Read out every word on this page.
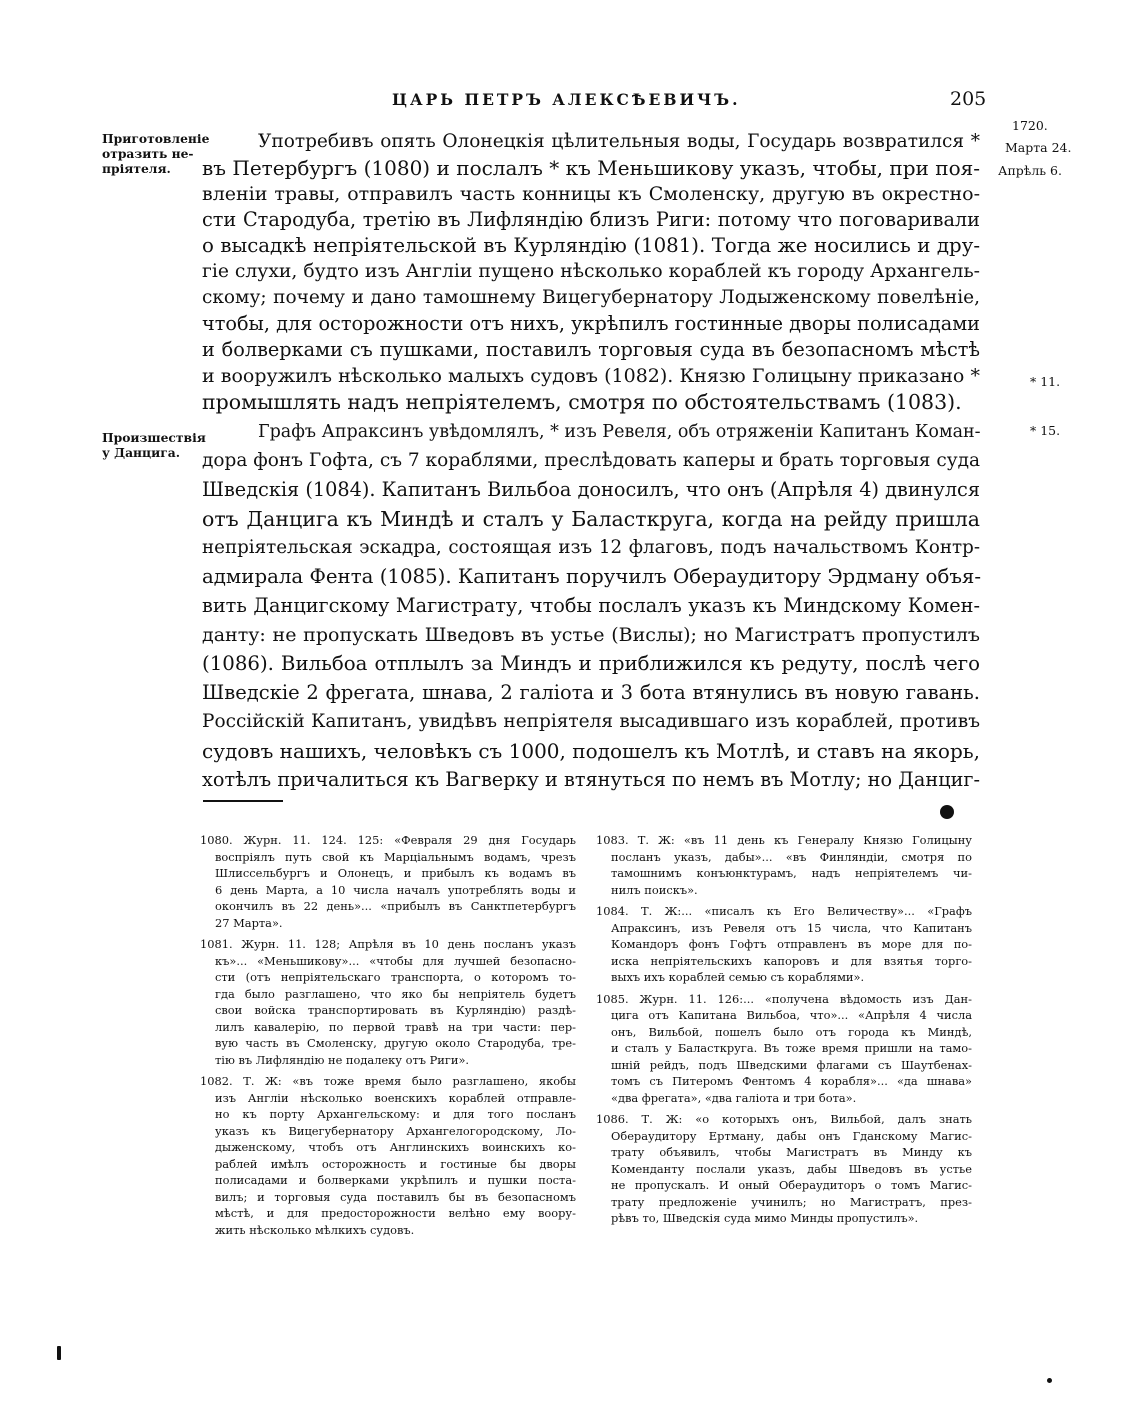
ЦАРЬ ПЕТРЪ АЛЕКСѢЕВИЧЪ.	205
1720.
Марта 24.
Апрѣль 6.
* 11.
* 15.
Приготовленіе
отразить не-
пріятеля.
Произшествія
у Данцига.
Употребивъ опять Олонецкія цѣлительныя воды, Государь возвратился *
въ Петербургъ (1080) и послалъ * къ Меньшикову указъ, чтобы, при поя-
вленіи травы, отправилъ часть конницы къ Смоленску, другую въ окрестно-
сти Стародуба, третію въ Лифляндію близъ Риги: потому что поговаривали
о высадкѣ непріятельской въ Курляндію (1081). Тогда же носились и дру-
гіе слухи, будто изъ Англіи пущено нѣсколько кораблей къ городу Архангель-
скому; почему и дано тамошнему Вицегубернатору Лодыженскому повелѣніе,
чтобы, для осторожности отъ нихъ, укрѣпилъ гостинные дворы полисадами
и болверками съ пушками, поставилъ торговыя суда въ безопасномъ мѣстѣ
и вооружилъ нѣсколько малыхъ судовъ (1082). Князю Голицыну приказано *
промышлять надъ непріятелемъ, смотря по обстоятельствамъ (1083).
Графъ Апраксинъ увѣдомлялъ, * изъ Ревеля, объ отряженіи Капитанъ Коман-
дора фонъ Гофта, съ 7 кораблями, преслѣдовать каперы и брать торговыя суда
Шведскія (1084). Капитанъ Вильбоа доносилъ, что онъ (Апрѣля 4) двинулся
отъ Данцига къ Миндѣ и сталъ у Баласткруга, когда на рейду пришла
непріятельская эскадра, состоящая изъ 12 флаговъ, подъ начальствомъ Контр-
адмирала Фента (1085). Капитанъ поручилъ Обераудитору Эрдману объя-
вить Данцигскому Магистрату, чтобы послалъ указъ къ Миндскому Комен-
данту: не пропускать Шведовъ въ устье (Вислы); но Магистратъ пропустилъ
(1086). Вильбоа отплылъ за Миндъ и приближился къ редуту, послѣ чего
Шведскіе 2 фрегата, шнава, 2 галіота и 3 бота втянулись въ новую гавань.
Россійскій Капитанъ, увидѣвъ непріятеля высадившаго изъ кораблей, противъ
судовъ нашихъ, человѣкъ съ 1000, подошелъ къ Мотлѣ, и ставъ на якорь,
хотѣлъ причалиться къ Вагверку и втянуться по немъ въ Мотлу; но Данциг-
1080. Журн. 11. 124. 125: «Февраля 29 дня Государь
воспріялъ путь свой къ Марціальнымъ водамъ, чрезъ
Шлиссельбургъ и Олонецъ, и прибылъ къ водамъ въ
6 день Марта, а 10 числа началъ употреблять воды и
окончилъ въ 22 день»... «прибылъ въ Санктпетербургъ
27 Марта».
1081. Журн. 11. 128; Апрѣля въ 10 день посланъ указъ
къ»... «Меньшикову»... «чтобы для лучшей безопасно-
сти (отъ непріятельскаго транспорта, о которомъ то-
гда было разглашено, что яко бы непріятель будетъ
свои войска транспортировать въ Курляндію) раздѣ-
лилъ кавалерію, по первой травѣ на три части: пер-
вую часть въ Смоленску, другую около Стародуба, тре-
тію въ Лифляндію не подалеку отъ Риги».
1082. Т. Ж: «въ тоже время было разглашено, якобы
изъ Англіи нѣсколько военскихъ кораблей отправле-
но къ порту Архангельскому: и для того посланъ
указъ къ Вицегубернатору Архангелогородскому, Ло-
дыженскому, чтобъ отъ Англинскихъ воинскихъ ко-
раблей имѣлъ осторожность и гостиные бы дворы
полисадами и болверками укрѣпилъ и пушки поста-
вилъ; и торговыя суда поставилъ бы въ безопасномъ
мѣстѣ, и для предосторожности велѣно ему воору-
жить нѣсколько мѣлкихъ судовъ.
1083. Т. Ж: «въ 11 день къ Генералу Князю Голицыну
посланъ указъ, дабы»... «въ Финляндіи, смотря по
тамошнимъ конъюнктурамъ, надъ непріятелемъ чи-
нилъ поискъ».
1084. Т. Ж:... «писалъ къ Его Величеству»... «Графъ
Апраксинъ, изъ Ревеля отъ 15 числа, что Капитанъ
Командоръ фонъ Гофтъ отправленъ въ море для по-
иска непріятельскихъ капоровъ и для взятья торго-
выхъ ихъ кораблей семью съ кораблями».
1085. Журн. 11. 126:... «получена вѣдомость изъ Дан-
цига отъ Капитана Вильбоа, что»... «Апрѣля 4 числа
онъ, Вильбой, пошелъ было отъ города къ Миндѣ,
и сталъ у Баласткруга. Въ тоже время пришли на тамо-
шній рейдъ, подъ Шведскими флагами съ Шаутбенах-
томъ съ Питеромъ Фентомъ 4 корабля»... «да шнава»
«два фрегата», «два галіота и три бота».
1086. Т. Ж: «о которыхъ онъ, Вильбой, далъ знать
Обераудитору Ертману, дабы онъ Гданскому Магис-
трату объявилъ, чтобы Магистратъ въ Минду къ
Коменданту послали указъ, дабы Шведовъ въ устье
не пропускалъ. И оный Обераудиторъ о томъ Магис-
трату предложеніе учинилъ; но Магистратъ, през-
рѣвъ то, Шведскія суда мимо Минды пропустилъ».
